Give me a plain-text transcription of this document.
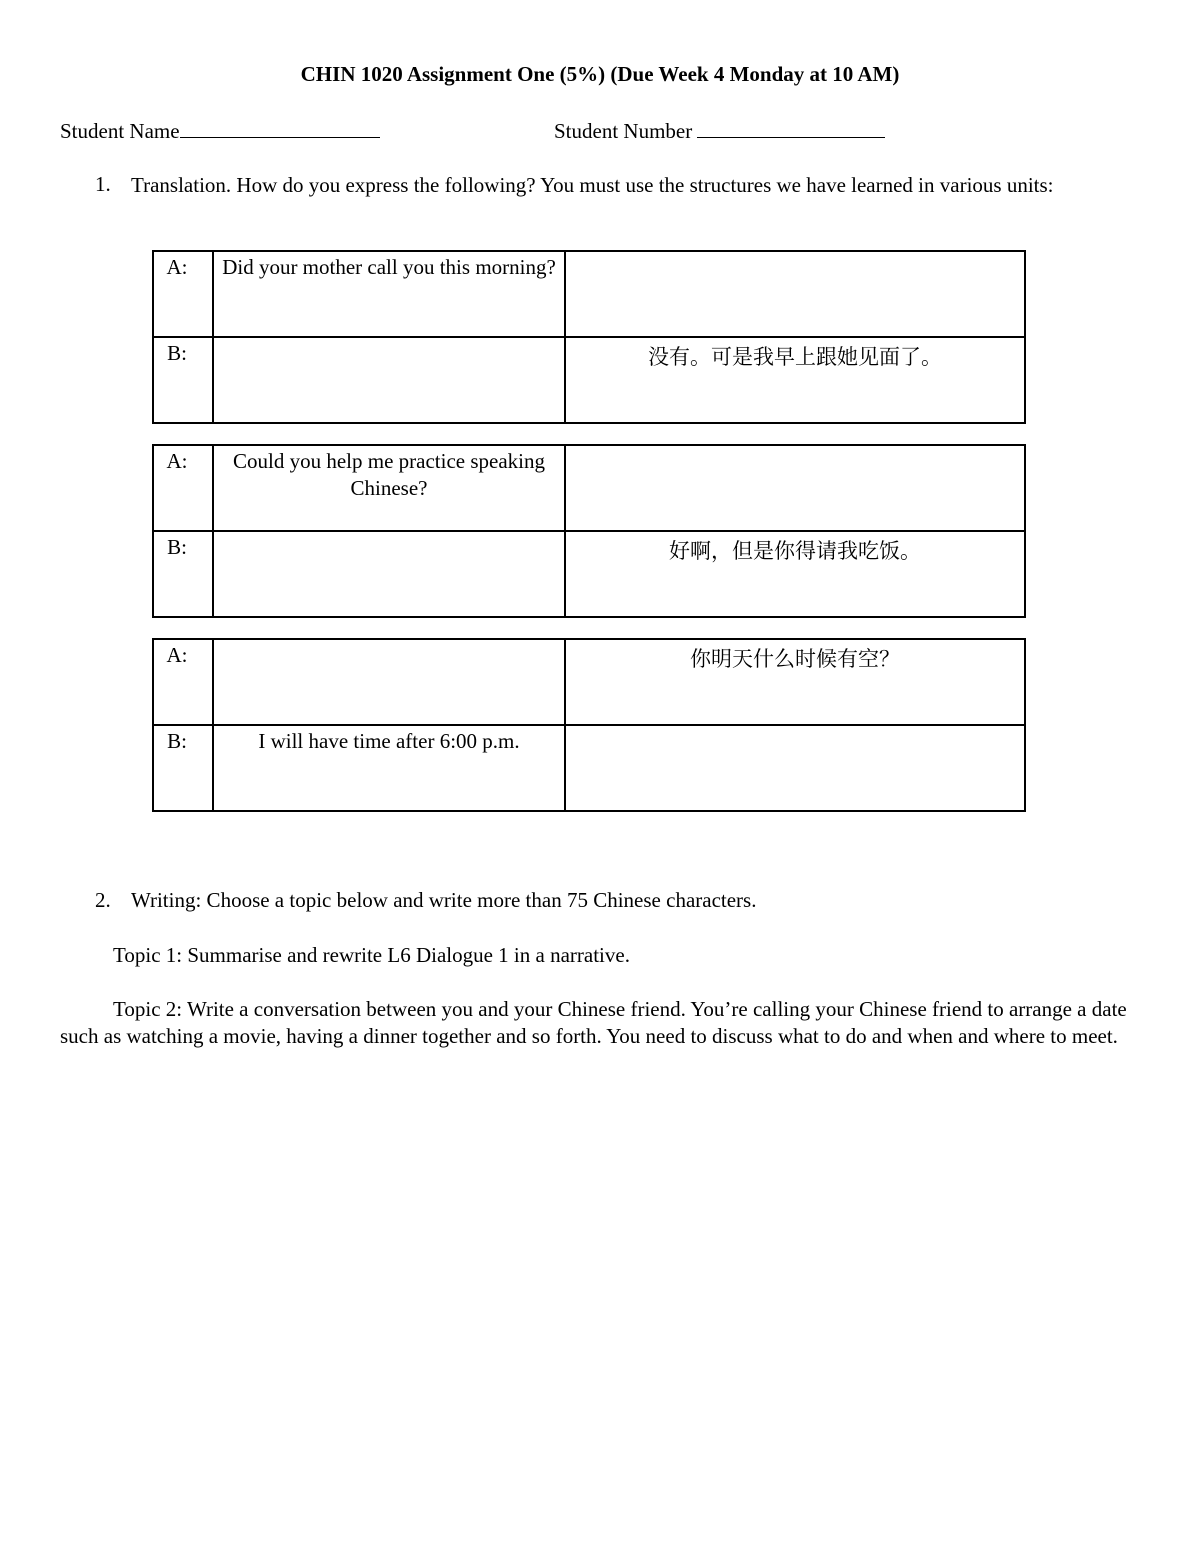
CHIN 1020 Assignment One (5%) (Due Week 4 Monday at 10 AM)
Student Name	Student Number
1. Translation. How do you express the following? You must use the structures we have learned in various units:
A:	Did your mother call you this morning?	
B:		没有。可是我早上跟她见面了。
A:	Could you help me practice speaking Chinese?	
B:		好啊，但是你得请我吃饭。
A:		你明天什么时候有空？
B:	I will have time after 6:00 p.m.	
2. Writing: Choose a topic below and write more than 75 Chinese characters.
Topic 1: Summarise and rewrite L6 Dialogue 1 in a narrative.
Topic 2: Write a conversation between you and your Chinese friend. You’re calling your Chinese friend to arrange a date such as watching a movie, having a dinner together and so forth. You need to discuss what to do and when and where to meet.
